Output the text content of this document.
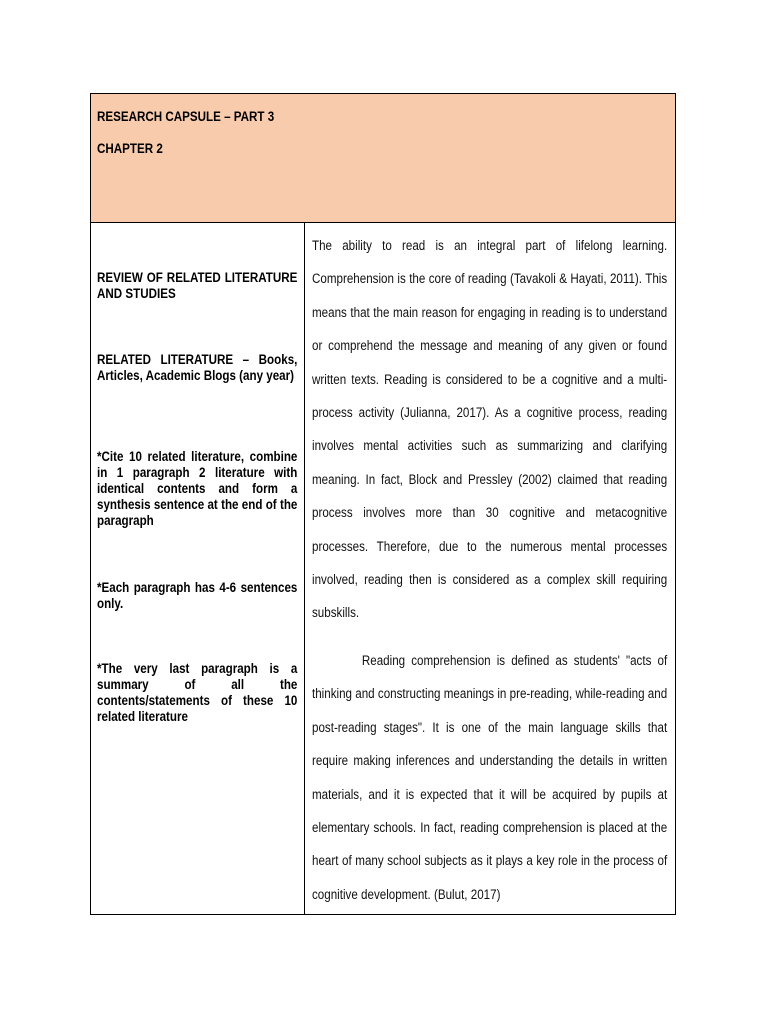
RESEARCH CAPSULE – PART 3
CHAPTER 2
REVIEW OF RELATED LITERATURE AND STUDIES
RELATED LITERATURE – Books, Articles, Academic Blogs (any year)
*Cite 10 related literature, combine in 1 paragraph 2 literature with identical contents and form a synthesis sentence at the end of the paragraph
*Each paragraph has 4-6 sentences only.
*The very last paragraph is a summary of all the contents/statements of these 10 related literature
The ability to read is an integral part of lifelong learning. Comprehension is the core of reading (Tavakoli & Hayati, 2011). This means that the main reason for engaging in reading is to understand or comprehend the message and meaning of any given or found written texts. Reading is considered to be a cognitive and a multi-process activity (Julianna, 2017). As a cognitive process, reading involves mental activities such as summarizing and clarifying meaning. In fact, Block and Pressley (2002) claimed that reading process involves more than 30 cognitive and metacognitive processes. Therefore, due to the numerous mental processes involved, reading then is considered as a complex skill requiring subskills.
Reading comprehension is defined as students' "acts of thinking and constructing meanings in pre-reading, while-reading and post-reading stages". It is one of the main language skills that require making inferences and understanding the details in written materials, and it is expected that it will be acquired by pupils at elementary schools. In fact, reading comprehension is placed at the heart of many school subjects as it plays a key role in the process of cognitive development. (Bulut, 2017)
